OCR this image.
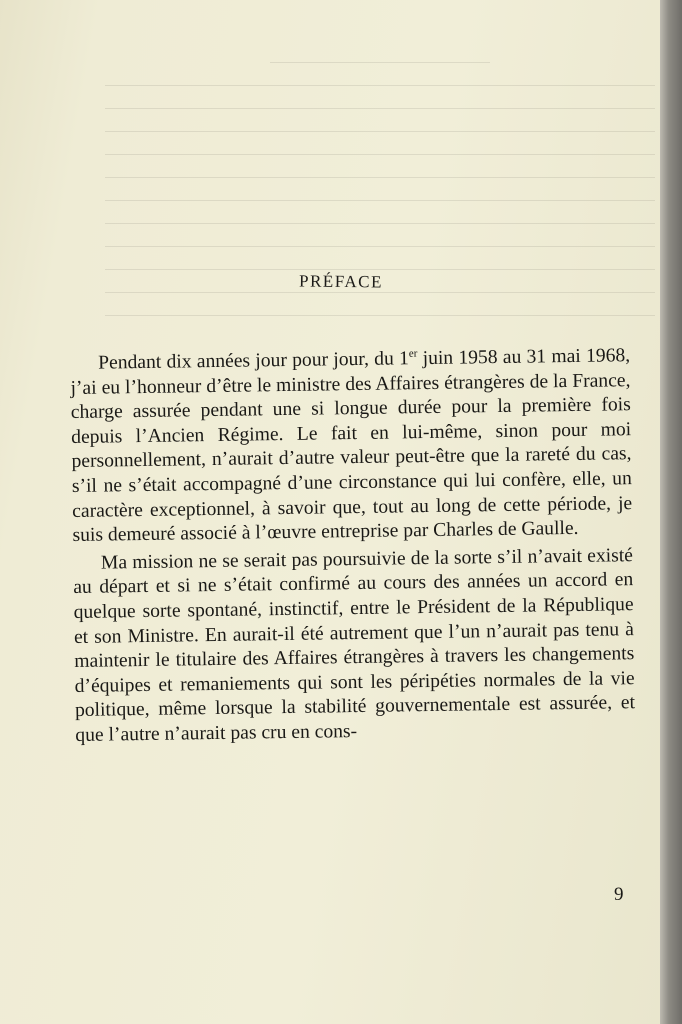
PRÉFACE

Pendant dix années jour pour jour, du 1er juin 1958 au 31 mai 1968, j’ai eu l’honneur d’être le ministre des Affaires étrangères de la France, charge assurée pendant une si longue durée pour la première fois depuis l’Ancien Régime. Le fait en lui-même, sinon pour moi personnellement, n’aurait d’autre valeur peut-être que la rareté du cas, s’il ne s’était accompagné d’une circonstance qui lui confère, elle, un caractère exceptionnel, à savoir que, tout au long de cette période, je suis demeuré associé à l’œuvre entreprise par Charles de Gaulle.

Ma mission ne se serait pas poursuivie de la sorte s’il n’avait existé au départ et si ne s’était confirmé au cours des années un accord en quelque sorte spontané, instinctif, entre le Président de la République et son Ministre. En aurait-il été autrement que l’un n’aurait pas tenu à maintenir le titulaire des Affaires étrangères à travers les changements d’équipes et remaniements qui sont les péripéties normales de la vie politique, même lorsque la stabilité gouvernementale est assurée, et que l’autre n’aurait pas cru en cons-

9
